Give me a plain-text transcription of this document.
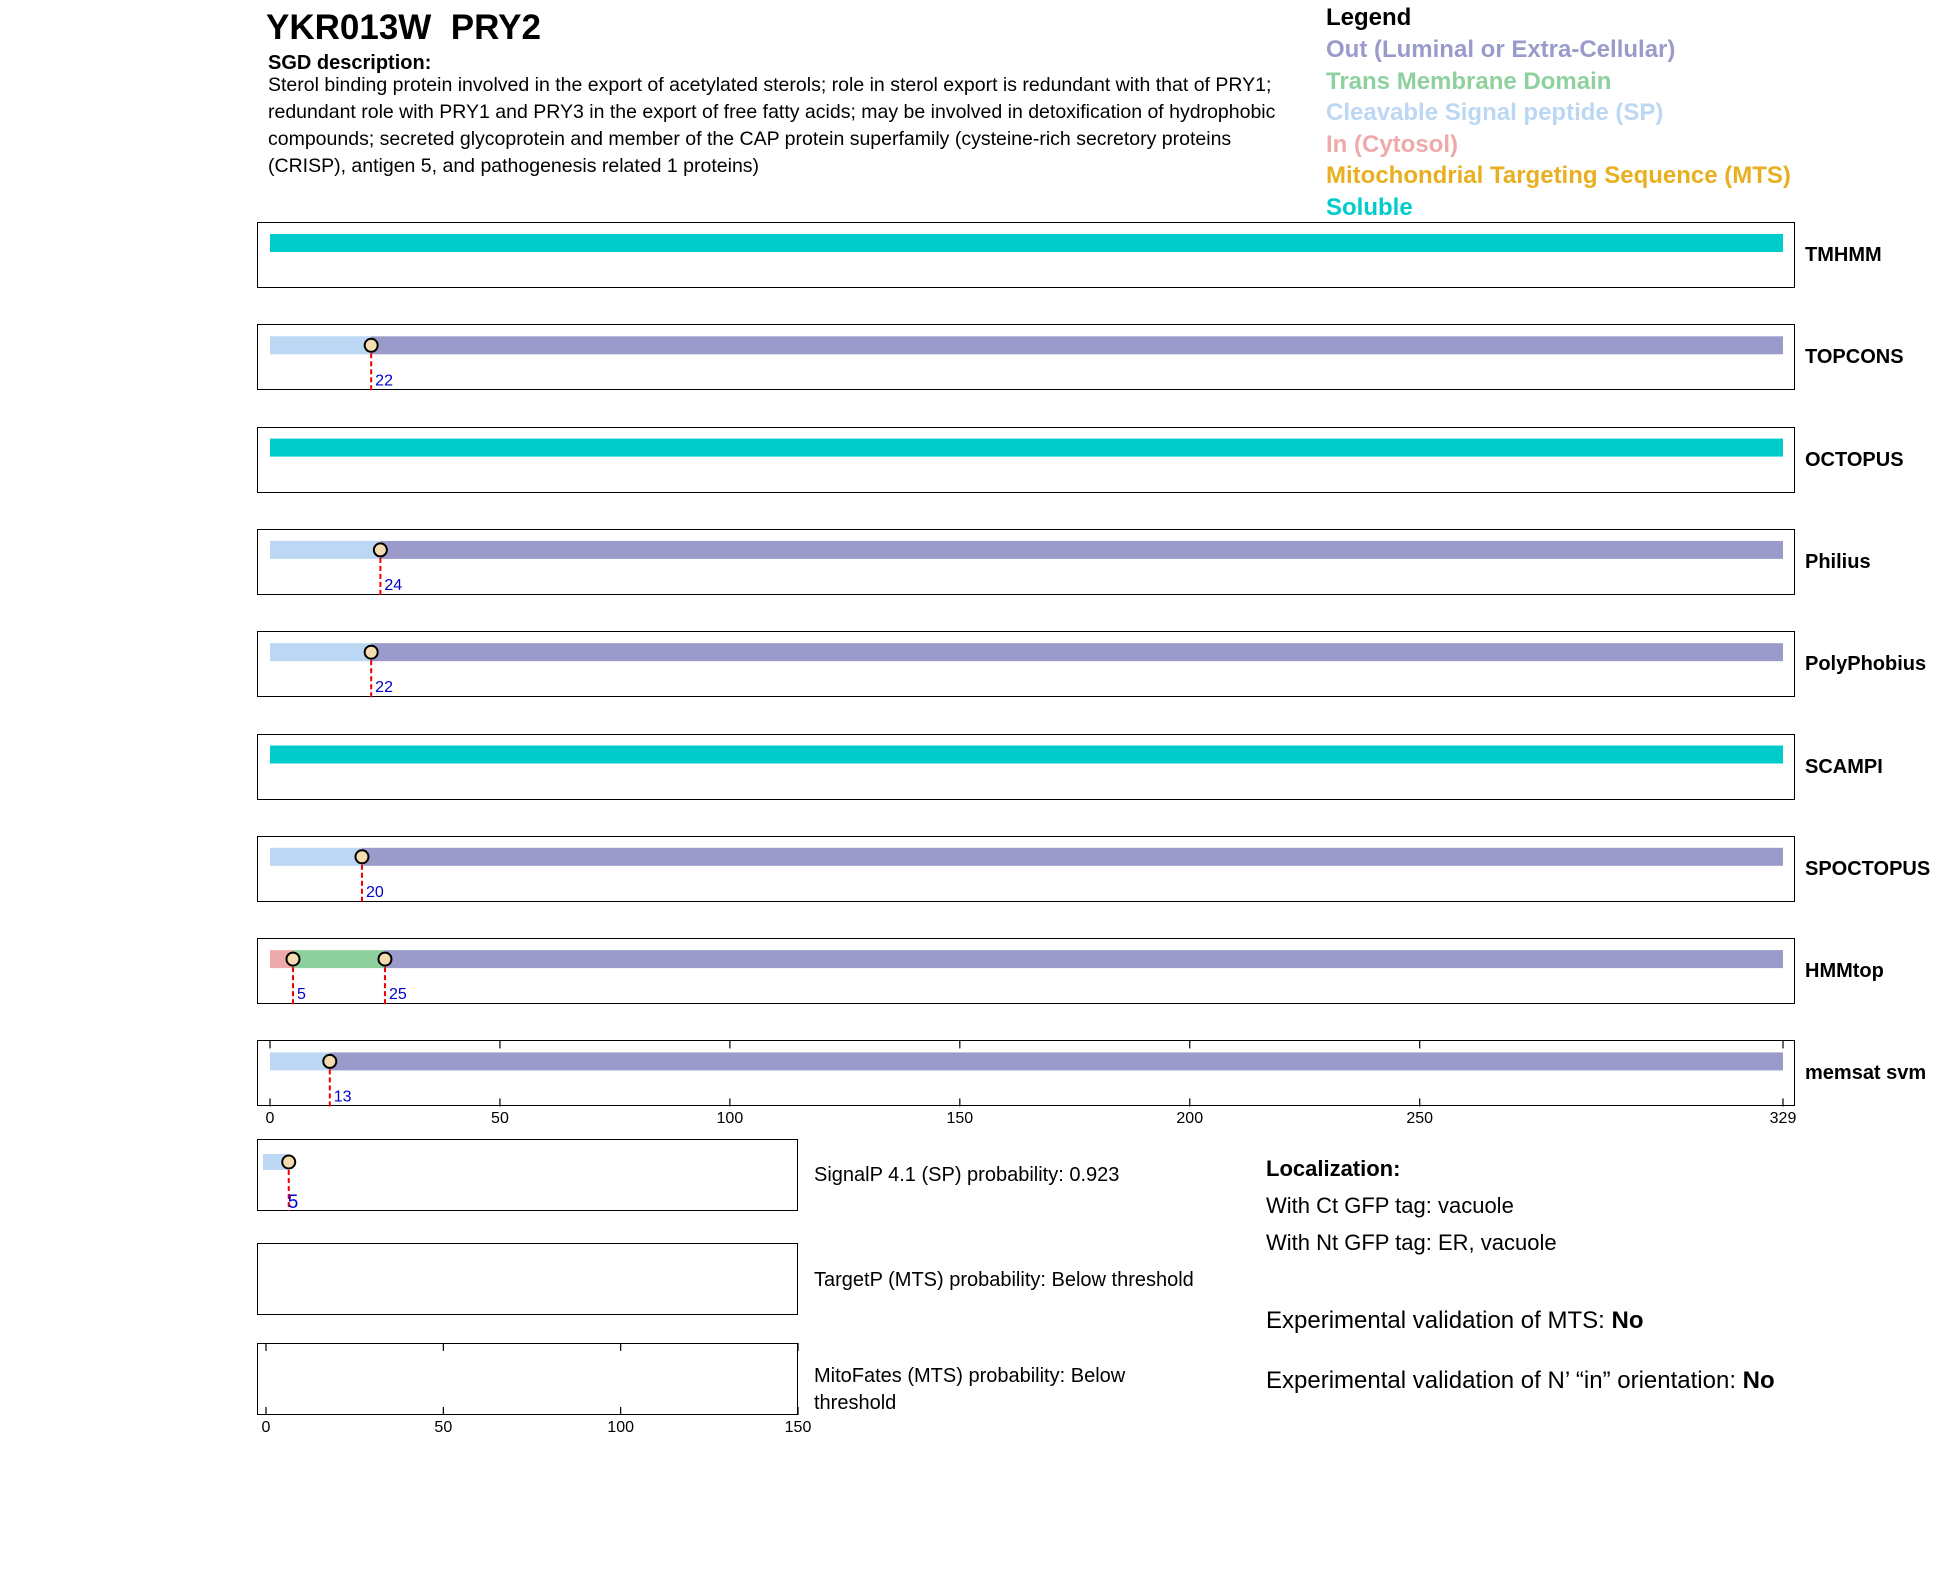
YKR013W PRY2
SGD description:
Sterol binding protein involved in the export of acetylated sterols; role in sterol export is redundant with that of PRY1; redundant role with PRY1 and PRY3 in the export of free fatty acids; may be involved in detoxification of hydrophobic compounds; secreted glycoprotein and member of the CAP protein superfamily (cysteine-rich secretory proteins (CRISP), antigen 5, and pathogenesis related 1 proteins)
Legend
Out (Luminal or Extra-Cellular)
Trans Membrane Domain
Cleavable Signal peptide (SP)
In (Cytosol)
Mitochondrial Targeting Sequence (MTS)
Soluble
TMHMM
TOPCONS
OCTOPUS
Philius
PolyPhobius
SCAMPI
SPOCTOPUS
HMMtop
memsat svm
0	50	100	150	200	250	329
SignalP 4.1 (SP) probability: 0.923
TargetP (MTS) probability: Below threshold
MitoFates (MTS) probability: Below threshold
0	50	100	150
22
24
22
20
5	25
13
5
Localization:
With Ct GFP tag: vacuole
With Nt GFP tag: ER, vacuole
Experimental validation of MTS: No
Experimental validation of N’ “in” orientation: No
